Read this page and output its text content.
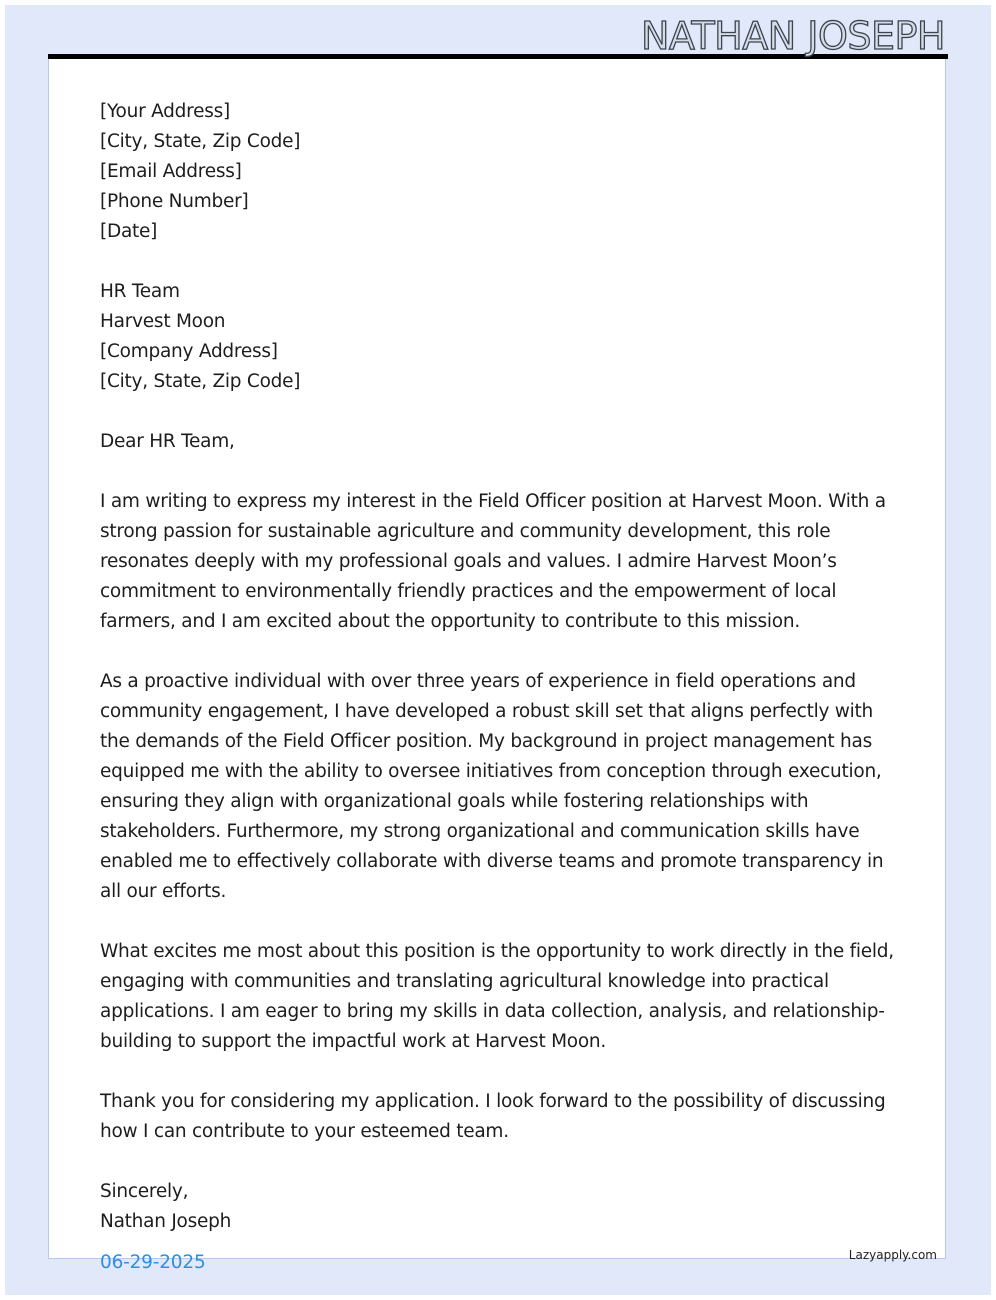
NATHAN JOSEPH
[Your Address]
[City, State, Zip Code]
[Email Address]
[Phone Number]
[Date]
HR Team
Harvest Moon
[Company Address]
[City, State, Zip Code]
Dear HR Team,

I am writing to express my interest in the Field Officer position at Harvest Moon. With a strong passion for sustainable agriculture and community development, this role resonates deeply with my professional goals and values. I admire Harvest Moon’s commitment to environmentally friendly practices and the empowerment of local farmers, and I am excited about the opportunity to contribute to this mission.

As a proactive individual with over three years of experience in field operations and community engagement, I have developed a robust skill set that aligns perfectly with the demands of the Field Officer position. My background in project management has equipped me with the ability to oversee initiatives from conception through execution, ensuring they align with organizational goals while fostering relationships with stakeholders. Furthermore, my strong organizational and communication skills have enabled me to effectively collaborate with diverse teams and promote transparency in all our efforts.

What excites me most about this position is the opportunity to work directly in the field, engaging with communities and translating agricultural knowledge into practical applications. I am eager to bring my skills in data collection, analysis, and relationship-building to support the impactful work at Harvest Moon.

Thank you for considering my application. I look forward to the possibility of discussing how I can contribute to your esteemed team.

Sincerely,
Nathan Joseph
06-29-2025	Lazyapply.com
